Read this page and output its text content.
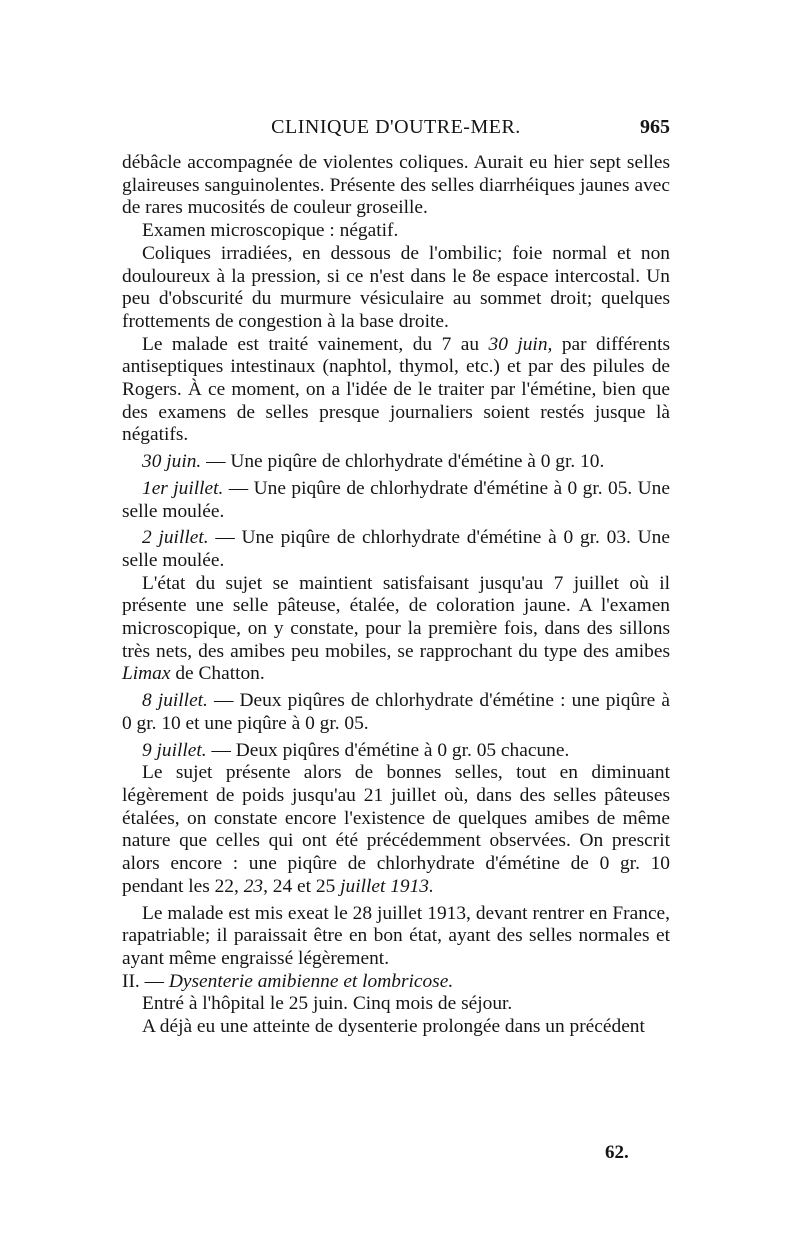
CLINIQUE D'OUTRE-MER.	965

débâcle accompagnée de violentes coliques. Aurait eu hier sept selles glaireuses sanguinolentes. Présente des selles diarrhéiques jaunes avec de rares mucosités de couleur groseille.

Examen microscopique : négatif.

Coliques irradiées, en dessous de l'ombilic; foie normal et non douloureux à la pression, si ce n'est dans le 8e espace intercostal. Un peu d'obscurité du murmure vésiculaire au sommet droit; quelques frottements de congestion à la base droite.

Le malade est traité vainement, du 7 au 30 juin, par différents antiseptiques intestinaux (naphtol, thymol, etc.) et par des pilules de Rogers. À ce moment, on a l'idée de le traiter par l'émétine, bien que des examens de selles presque journaliers soient restés jusque là négatifs.

30 juin. — Une piqûre de chlorhydrate d'émétine à 0 gr. 10.

1er juillet. — Une piqûre de chlorhydrate d'émétine à 0 gr. 05. Une selle moulée.

2 juillet. — Une piqûre de chlorhydrate d'émétine à 0 gr. 03. Une selle moulée.

L'état du sujet se maintient satisfaisant jusqu'au 7 juillet où il présente une selle pâteuse, étalée, de coloration jaune. A l'examen microscopique, on y constate, pour la première fois, dans des sillons très nets, des amibes peu mobiles, se rapprochant du type des amibes Limax de Chatton.

8 juillet. — Deux piqûres de chlorhydrate d'émétine : une piqûre à 0 gr. 10 et une piqûre à 0 gr. 05.

9 juillet. — Deux piqûres d'émétine à 0 gr. 05 chacune.

Le sujet présente alors de bonnes selles, tout en diminuant légèrement de poids jusqu'au 21 juillet où, dans des selles pâteuses étalées, on constate encore l'existence de quelques amibes de même nature que celles qui ont été précédemment observées. On prescrit alors encore : une piqûre de chlorhydrate d'émétine de 0 gr. 10 pendant les 22, 23, 24 et 25 juillet 1913.

Le malade est mis exeat le 28 juillet 1913, devant rentrer en France, rapatriable; il paraissait être en bon état, ayant des selles normales et ayant même engraissé légèrement.

II. — Dysenterie amibienne et lombricose.

Entré à l'hôpital le 25 juin. Cinq mois de séjour.

A déjà eu une atteinte de dysenterie prolongée dans un précédent

62.
